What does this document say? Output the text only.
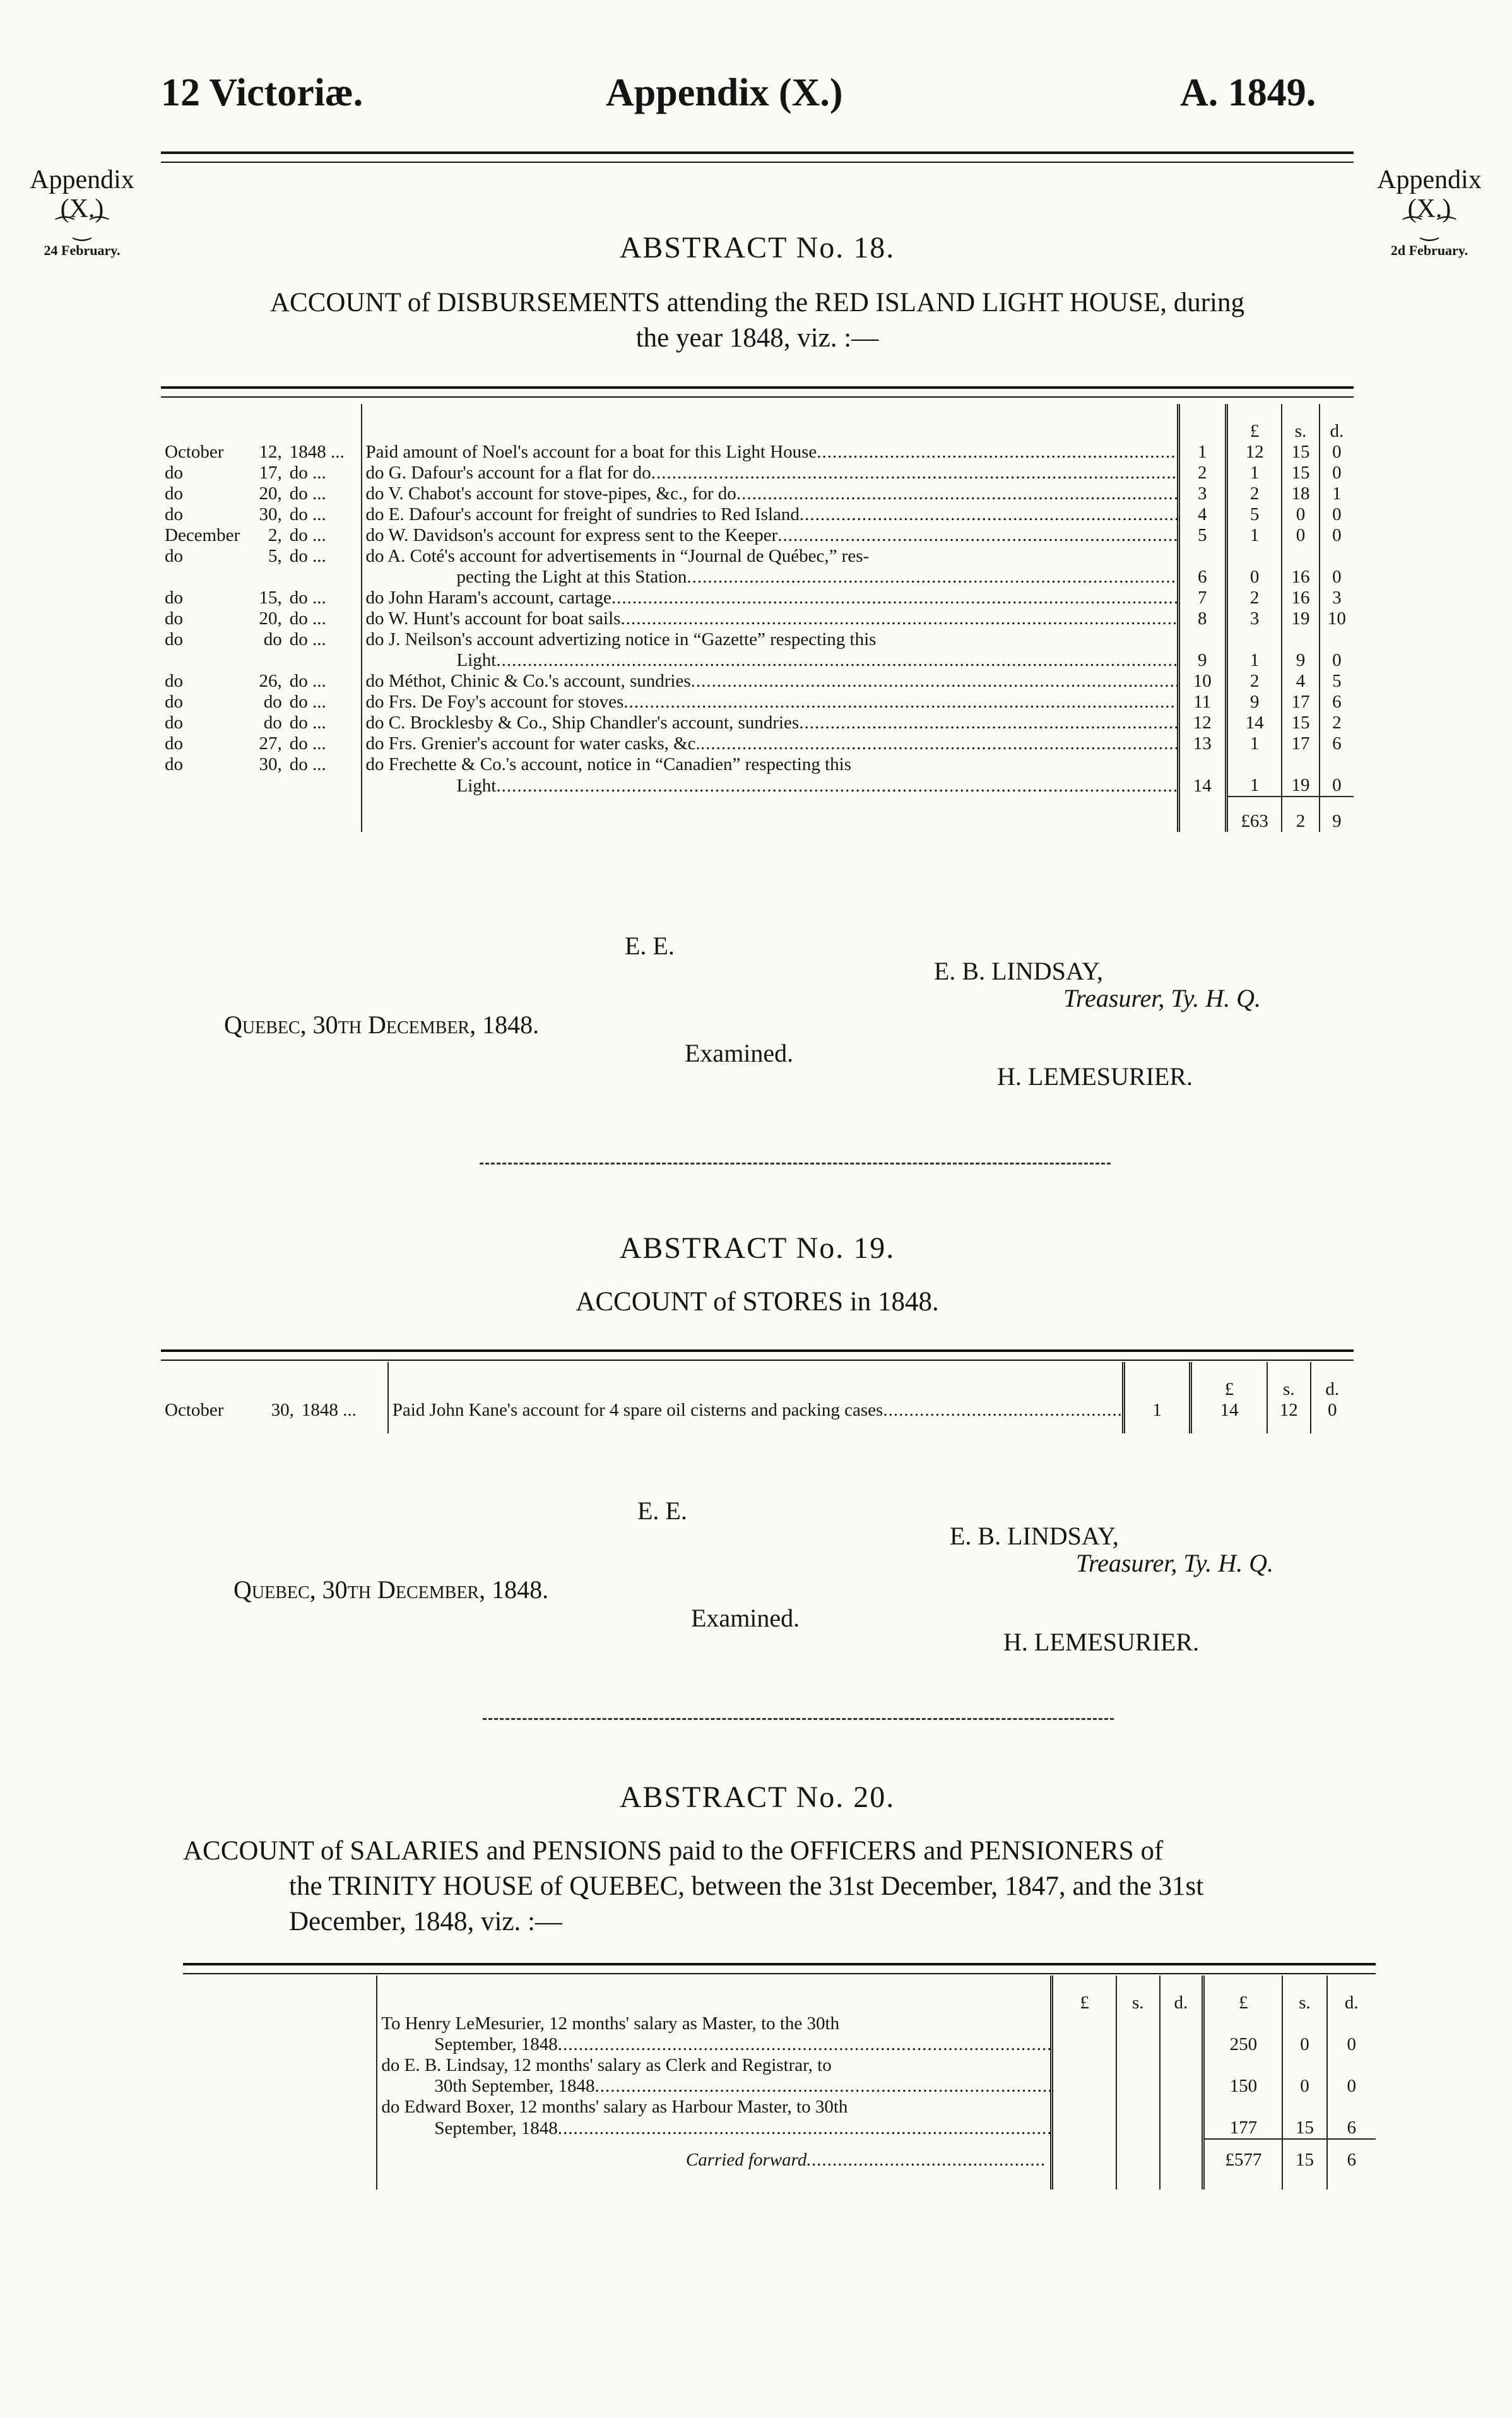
12 Victoriæ.	Appendix (X.)	A. 1849.
Appendix
(X.)
⁀‿⁀
24 February.
Appendix
(X.)
⁀‿⁀
2d February.
ABSTRACT No. 18.
ACCOUNT of DISBURSEMENTS attending the RED ISLAND LIGHT HOUSE, during
the year 1848, viz. :—
					£	s.	d.
October	12,	1848 ...	Paid amount of Noel's account for a boat for this Light House .....	1	12	15	0
do	17,	do ...	do G. Dafour's account for a flat for do .....	2	1	15	0
do	20,	do ...	do V. Chabot's account for stove-pipes, &c., for do .....	3	2	18	1
do	30,	do ...	do E. Dafour's account for freight of sundries to Red Island .....	4	5	0	0
December	2,	do ...	do W. Davidson's account for express sent to the Keeper .....	5	1	0	0
do	5,	do ...	do A. Coté's account for advertisements in “Journal de Québec,” res-				
			pecting the Light at this Station .....	6	0	16	0
do	15,	do ...	do John Haram's account, cartage .....	7	2	16	3
do	20,	do ...	do W. Hunt's account for boat sails .....	8	3	19	10
do	do	do ...	do J. Neilson's account advertizing notice in “Gazette” respecting this				
			Light .....	9	1	9	0
do	26,	do ...	do Méthot, Chinic & Co.'s account, sundries .....	10	2	4	5
do	do	do ...	do Frs. De Foy's account for stoves .....	11	9	17	6
do	do	do ...	do C. Brocklesby & Co., Ship Chandler's account, sundries .....	12	14	15	2
do	27,	do ...	do Frs. Grenier's account for water casks, &c. .....	13	1	17	6
do	30,	do ...	do Frechette & Co.'s account, notice in “Canadien” respecting this				
			Light .....	14	1	19	0
					£63	2	9
E. E.
E. B. LINDSAY,
Treasurer, Ty. H. Q.
Quebec, 30th December, 1848.
Examined.
H. LEMESURIER.
ABSTRACT No. 19.
ACCOUNT of STORES in 1848.
					£	s.	d.
October	30,	1848 ...	Paid John Kane's account for 4 spare oil cisterns and packing cases .....	1	14	12	0

E. E.
E. B. LINDSAY,
Treasurer, Ty. H. Q.
Quebec, 30th December, 1848.
Examined.
H. LEMESURIER.
ABSTRACT No. 20.
ACCOUNT of SALARIES and PENSIONS paid to the OFFICERS and PENSIONERS of
the TRINITY HOUSE of QUEBEC, between the 31st December, 1847, and the 31st
December, 1848, viz. :—
		£	s.	d.	£	s.	d.
	To Henry LeMesurier, 12 months' salary as Master, to the 30th						
	September, 1848 .....				250	0	0
	do E. B. Lindsay, 12 months' salary as Clerk and Registrar, to						
	30th September, 1848 .....				150	0	0
	do Edward Boxer, 12 months' salary as Harbour Master, to 30th						
	September, 1848 .....				177	15	6
	Carried forward.....				£577	15	6
